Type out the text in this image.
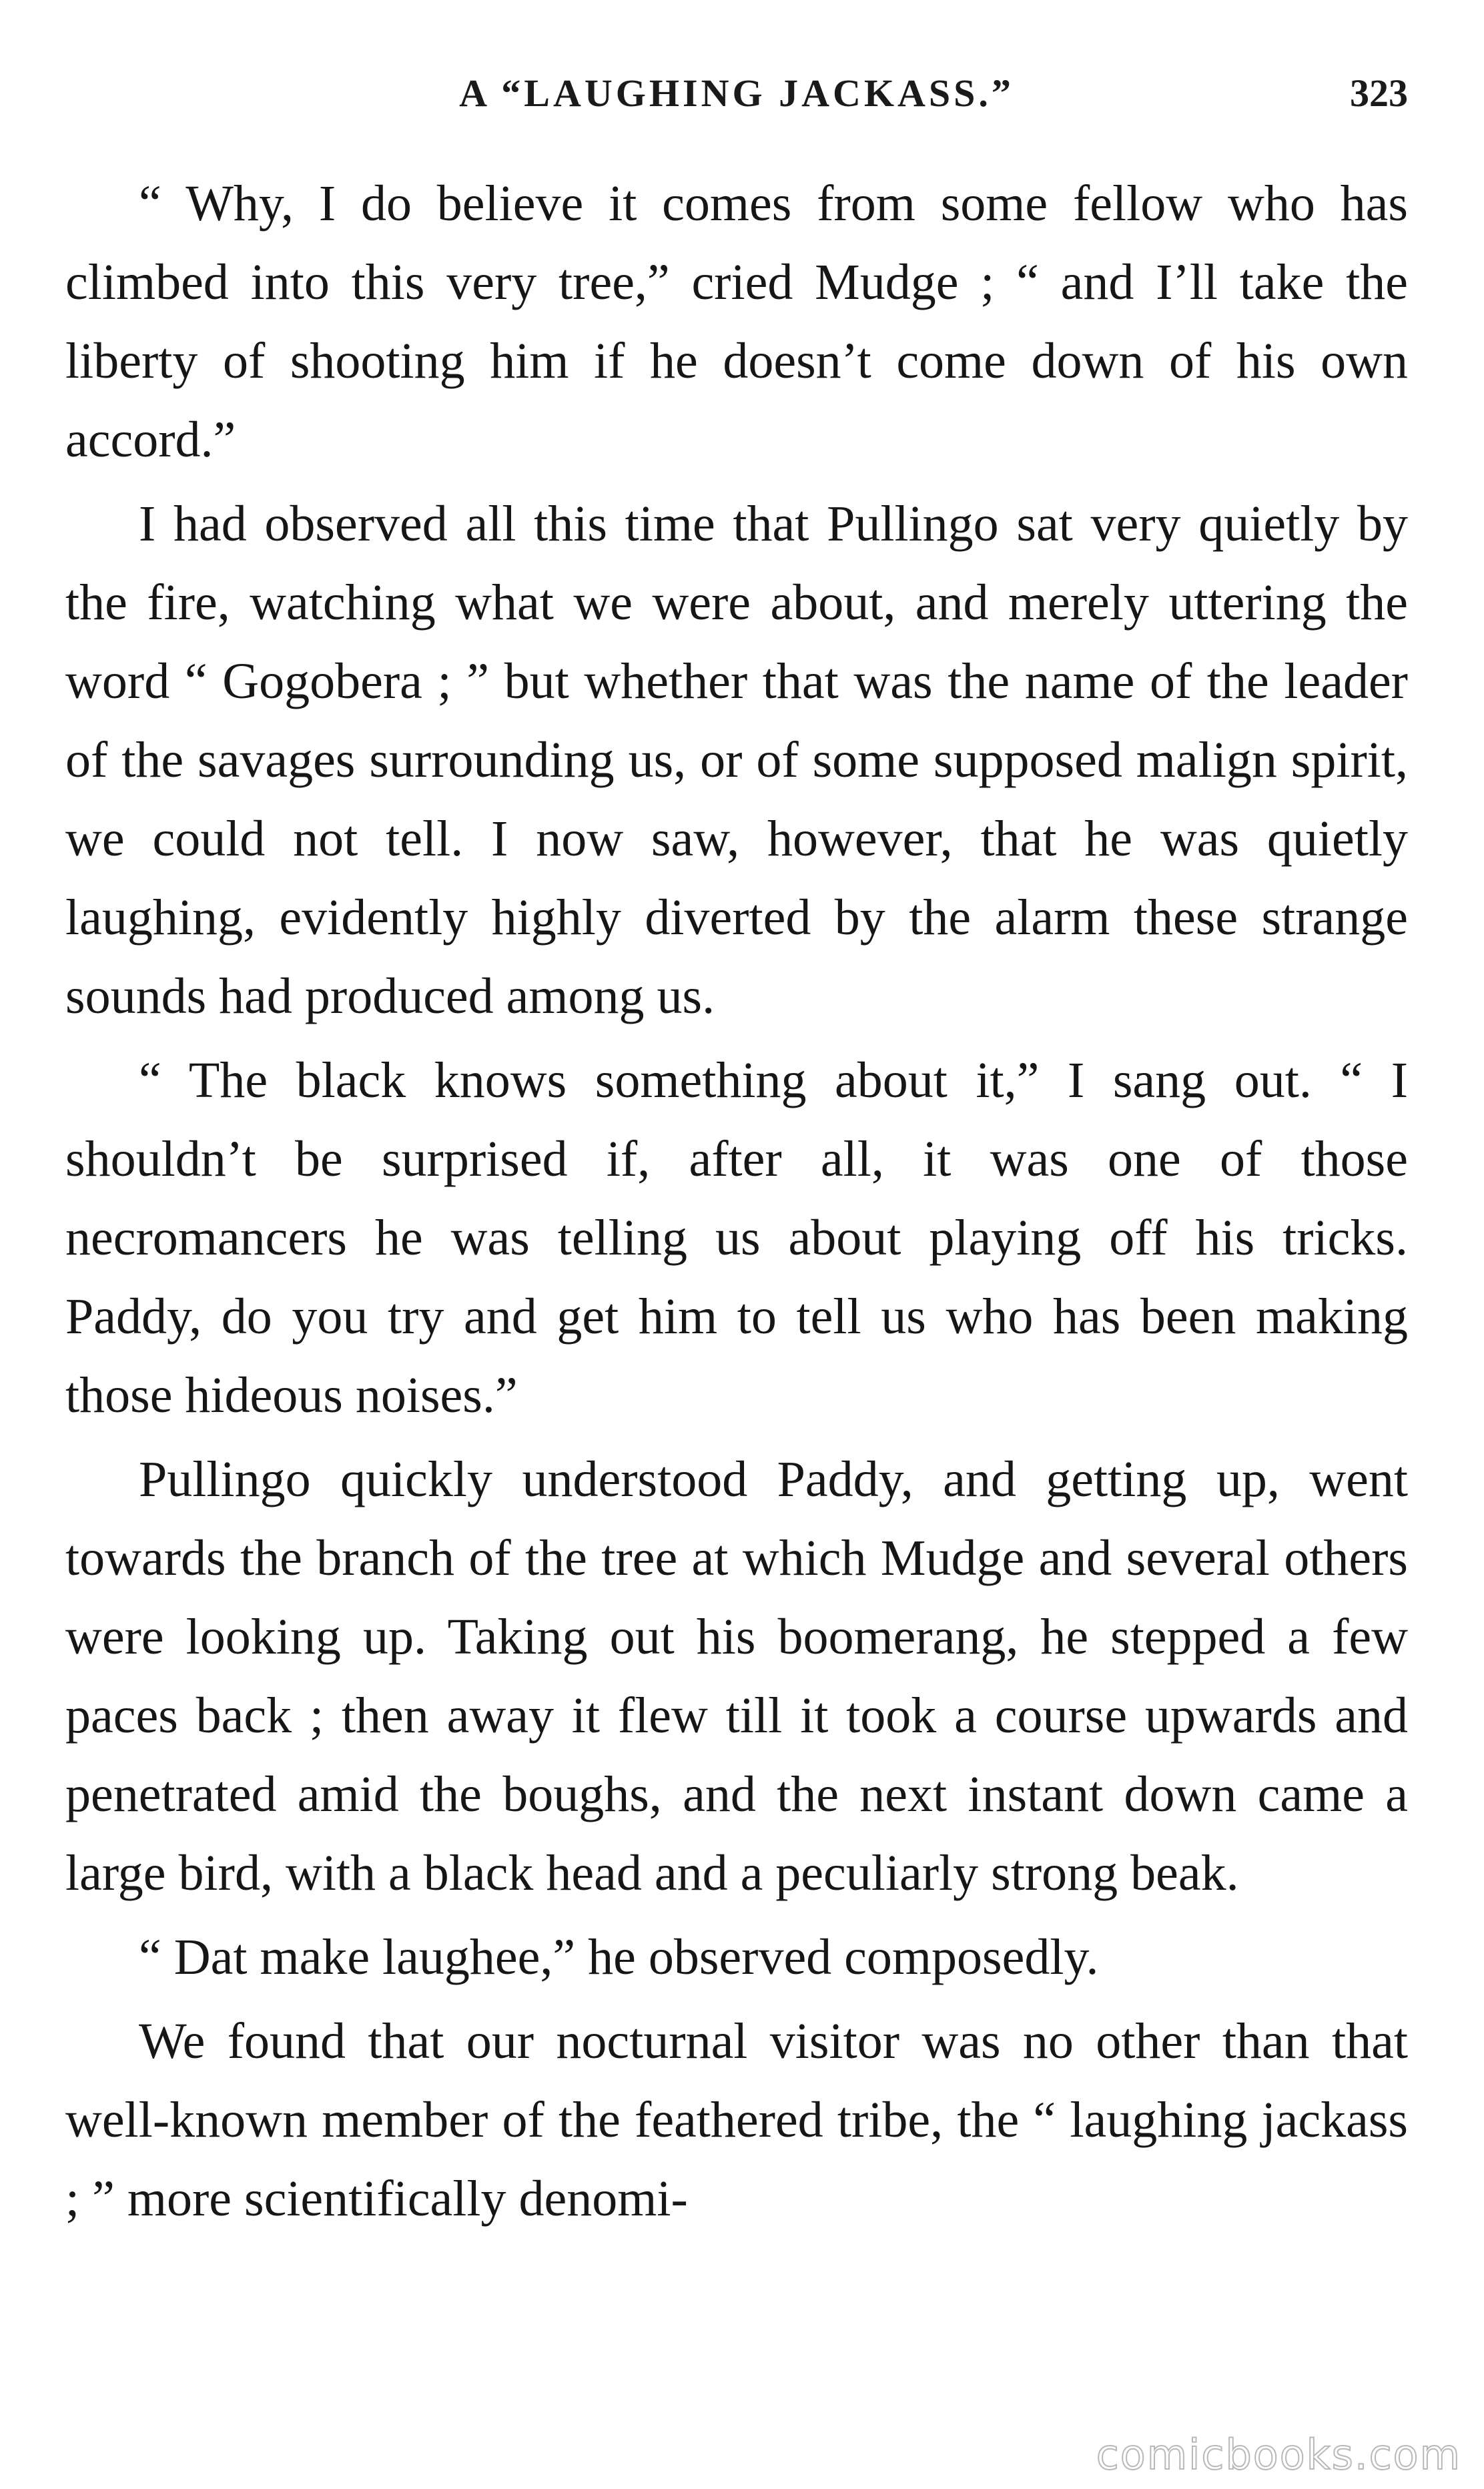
A “LAUGHING JACKASS.”	323

“ Why, I do believe it comes from some fellow who has climbed into this very tree,” cried Mudge ; “ and I’ll take the liberty of shooting him if he doesn’t come down of his own accord.”

I had observed all this time that Pullingo sat very quietly by the fire, watching what we were about, and merely uttering the word “ Gogobera ; ” but whether that was the name of the leader of the savages surrounding us, or of some supposed malign spirit, we could not tell. I now saw, however, that he was quietly laughing, evidently highly diverted by the alarm these strange sounds had produced among us.

“ The black knows something about it,” I sang out. “ I shouldn’t be surprised if, after all, it was one of those necromancers he was telling us about playing off his tricks. Paddy, do you try and get him to tell us who has been making those hideous noises.”

Pullingo quickly understood Paddy, and getting up, went towards the branch of the tree at which Mudge and several others were looking up. Taking out his boomerang, he stepped a few paces back ; then away it flew till it took a course upwards and penetrated amid the boughs, and the next instant down came a large bird, with a black head and a peculiarly strong beak.

“ Dat make laughee,” he observed composedly.

We found that our nocturnal visitor was no other than that well-known member of the feathered tribe, the “ laughing jackass ; ” more scientifically denomi-

comicbooks.com
